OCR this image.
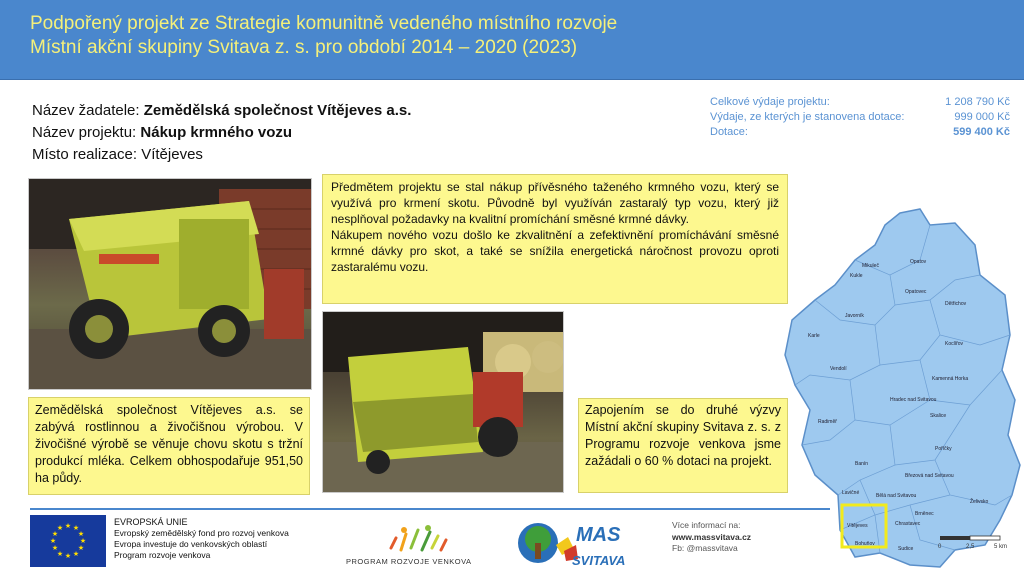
Podpořený projekt ze Strategie komunitně vedeného místního rozvoje
Místní akční skupiny Svitava z. s. pro období 2014 – 2020 (2023)
Název žadatele: Zemědělská společnost Vítějeves a.s.
Název projektu: Nákup krmného vozu
Místo realizace: Vítějeves
Celkové výdaje projektu:	1 208 790 Kč
Výdaje, ze kterých je stanovena dotace:	999 000 Kč
Dotace:	599 400 Kč

Předmětem projektu se stal nákup přívěsného taženého krmného vozu, který se využívá pro krmení skotu. Původně byl využíván zastaralý typ vozu, který již nesplňoval požadavky na kvalitní promíchání směsné krmné dávky.

Nákupem nového vozu došlo ke zkvalitnění a zefektivnění promíchávání směsné krmné dávky pro skot, a také se snížila energetická náročnost provozu oproti zastaralému vozu.

Zemědělská společnost Vítějeves a.s. se zabývá rostlinnou a živočišnou výrobou. V živočišné výrobě se věnuje chovu skotu s tržní produkcí mléka. Celkem obhospodařuje 951,50 ha půdy.

Zapojením se do druhé výzvy Místní akční skupiny Svitava z. s. z Programu rozvoje venkova jsme zažádali o 60 % dotaci na projekt.

Opatov
Kukle
Mikuleč
Opatovec
Dětřichov
Javorník
Karle
Koclířov
Vendolí
Kamenná Horka
Hradec nad Svitavou
Radiměř
Skalice
Banín
Poříčky
Lavičné	Bělá nad Svitavou
Březová nad Svitavou
Želivsko
Vítějeves	Chrastavec
Brněnec
Bohuňov
Sudice	0	2,5	5 km
★ ★
★
★
★
★
★
★
★
★
★
★
EVROPSKÁ UNIE
Evropský zemědělský fond pro rozvoj venkova
Evropa investuje do venkovských oblastí
Program rozvoje venkova
PROGRAM ROZVOJE VENKOVA
MAS
SVITAVA
Více informací na:
www.massvitava.cz
Fb: @massvitava
